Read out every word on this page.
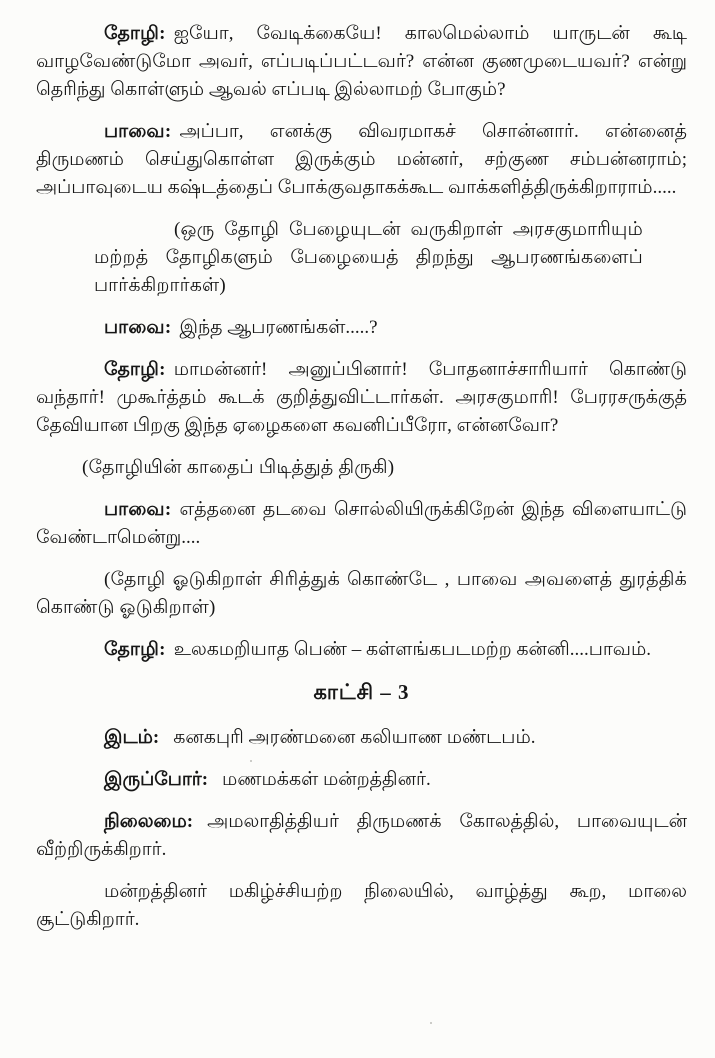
தோழி: ஐயோ, வேடிக்கையே! காலமெல்லாம் யாருடன் கூடி வாழவேண்டுமோ அவர், எப்படிப்பட்டவர்? என்ன குணமுடையவர்? என்று தெரிந்து கொள்ளும் ஆவல் எப்படி இல்லாமற் போகும்?

பாவை: அப்பா, எனக்கு விவரமாகச் சொன்னார். என்னைத் திருமணம் செய்துகொள்ள இருக்கும் மன்னர், சற்குண சம்பன்னராம்; அப்பாவுடைய கஷ்டத்தைப் போக்குவதாகக்கூட வாக்களித்திருக்கிறாராம்.....

(ஒரு தோழி பேழையுடன் வருகிறாள் அரசகுமாரியும் மற்றத் தோழிகளும் பேழையைத் திறந்து ஆபரணங்களைப் பார்க்கிறார்கள்)

பாவை: இந்த ஆபரணங்கள்.....?

தோழி: மாமன்னர்! அனுப்பினார்! போதனாச்சாரியார் கொண்டு வந்தார்! முகூர்த்தம் கூடக் குறித்துவிட்டார்கள். அரசகுமாரி! பேரரசருக்குத் தேவியான பிறகு இந்த ஏழைகளை கவனிப்பீரோ, என்னவோ?

(தோழியின் காதைப் பிடித்துத் திருகி)

பாவை: எத்தனை தடவை சொல்லியிருக்கிறேன் இந்த விளையாட்டு வேண்டாமென்று....

(தோழி ஓடுகிறாள் சிரித்துக் கொண்டே , பாவை அவளைத் துரத்திக் கொண்டு ஓடுகிறாள்)

தோழி: உலகமறியாத பெண் – கள்ளங்கபடமற்ற கன்னி....பாவம்.

காட்சி – 3

இடம்: கனகபுரி அரண்மனை கலியாண மண்டபம்.

இருப்போர்: மணமக்கள் மன்றத்தினர்.

நிலைமை: அமலாதித்தியர் திருமணக் கோலத்தில், பாவையுடன் வீற்றிருக்கிறார்.

மன்றத்தினர் மகிழ்ச்சியற்ற நிலையில், வாழ்த்து கூற, மாலை சூட்டுகிறார்.
